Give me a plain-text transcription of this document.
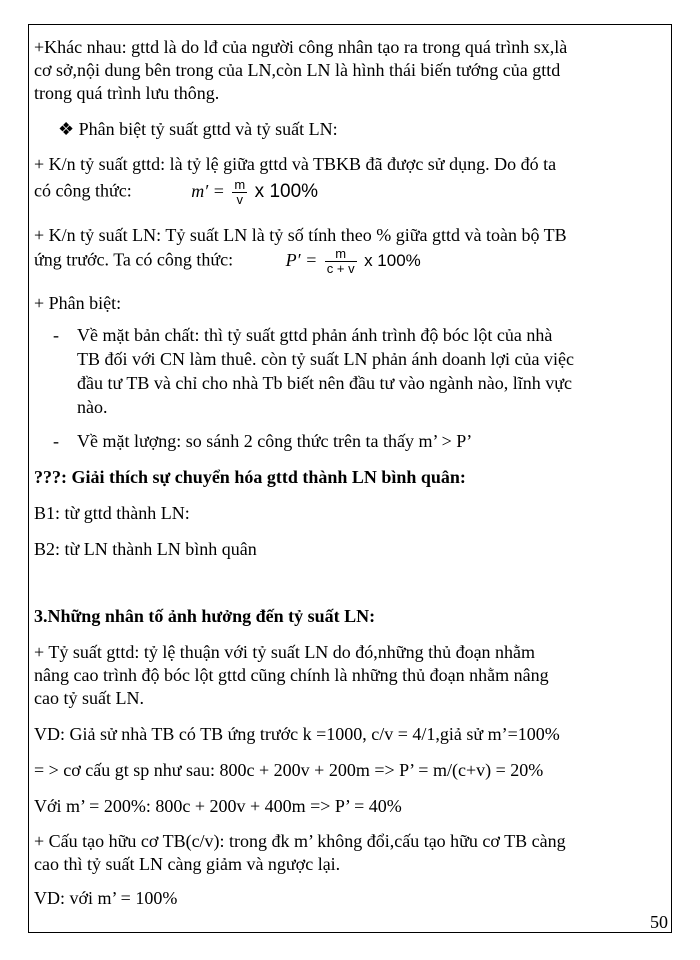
+Khác nhau: gttd là do lđ của người công nhân tạo ra trong quá trình sx,là
cơ sở,nội dung bên trong của LN,còn LN là hình thái biến tướng của gttd
trong quá trình lưu thông.
❖ Phân biệt tỷ suất gttd và tỷ suất LN:
+ K/n tỷ suất gttd: là tỷ lệ giữa gttd và TBKB đã được sử dụng. Do đó ta
có công thức:	$m' = \frac{m}{v}$ x 100%
+ K/n tỷ suất LN: Tỷ suất LN là tỷ số tính theo % giữa gttd và toàn bộ TB
ứng trước. Ta có công thức:	$P' = \frac{m}{c + v}$ x 100%
+ Phân biệt:
-	Về mặt bản chất: thì tỷ suất gttd phản ánh trình độ bóc lột của nhà
TB đối với CN làm thuê. còn tỷ suất LN phản ánh doanh lợi của việc
đầu tư TB và chỉ cho nhà Tb biết nên đầu tư vào ngành nào, lĩnh vực
nào.
-	Về mặt lượng: so sánh 2 công thức trên ta thấy m’ > P’
???: Giải thích sự chuyển hóa gttd thành LN bình quân:
B1: từ gttd thành LN:
B2: từ LN thành LN bình quân
3.Những nhân tố ảnh hưởng đến tỷ suất LN:
+ Tỷ suất gttd: tỷ lệ thuận với tỷ suất LN do đó,những thủ đoạn nhằm
nâng cao trình độ bóc lột gttd cũng chính là những thủ đoạn nhằm nâng
cao tỷ suất LN.
VD: Giả sử nhà TB có TB ứng trước k =1000, c/v = 4/1,giả sử m’=100%
= > cơ cấu gt sp như sau: 800c + 200v + 200m => P’ = m/(c+v) = 20%
Với m’ = 200%: 800c + 200v + 400m => P’ = 40%
+ Cấu tạo hữu cơ TB(c/v): trong đk m’ không đổi,cấu tạo hữu cơ TB càng
cao thì tỷ suất LN càng giảm và ngược lại.
VD: với m’ = 100%
50
